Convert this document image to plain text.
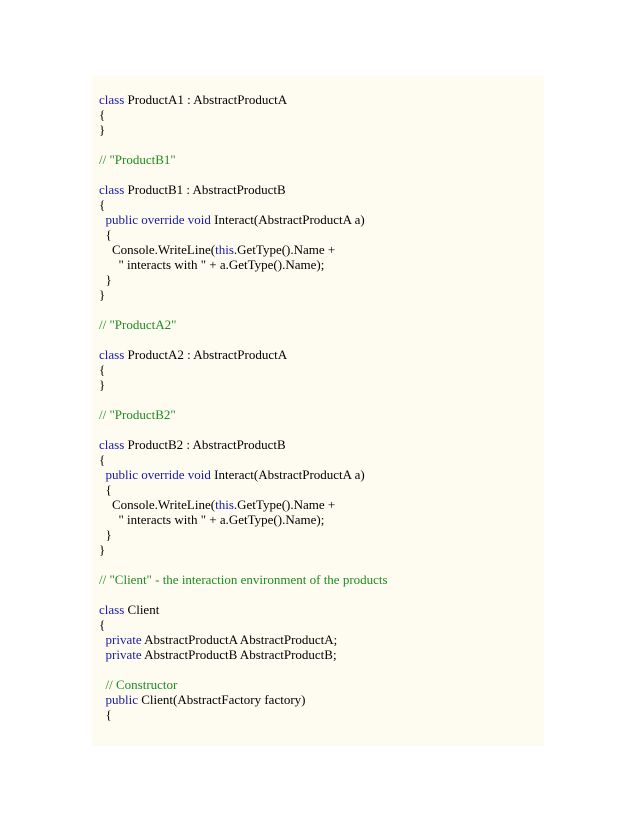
class ProductA1 : AbstractProductA
{
}
// "ProductB1"
class ProductB1 : AbstractProductB
{
public override void Interact(AbstractProductA a)
{
Console.WriteLine(this.GetType().Name +
" interacts with " + a.GetType().Name);
}
}
// "ProductA2"
class ProductA2 : AbstractProductA
{
}
// "ProductB2"
class ProductB2 : AbstractProductB
{
public override void Interact(AbstractProductA a)
{
Console.WriteLine(this.GetType().Name +
" interacts with " + a.GetType().Name);
}
}
// "Client" - the interaction environment of the products
class Client
{
private AbstractProductA AbstractProductA;
private AbstractProductB AbstractProductB;
// Constructor
public Client(AbstractFactory factory)
{
